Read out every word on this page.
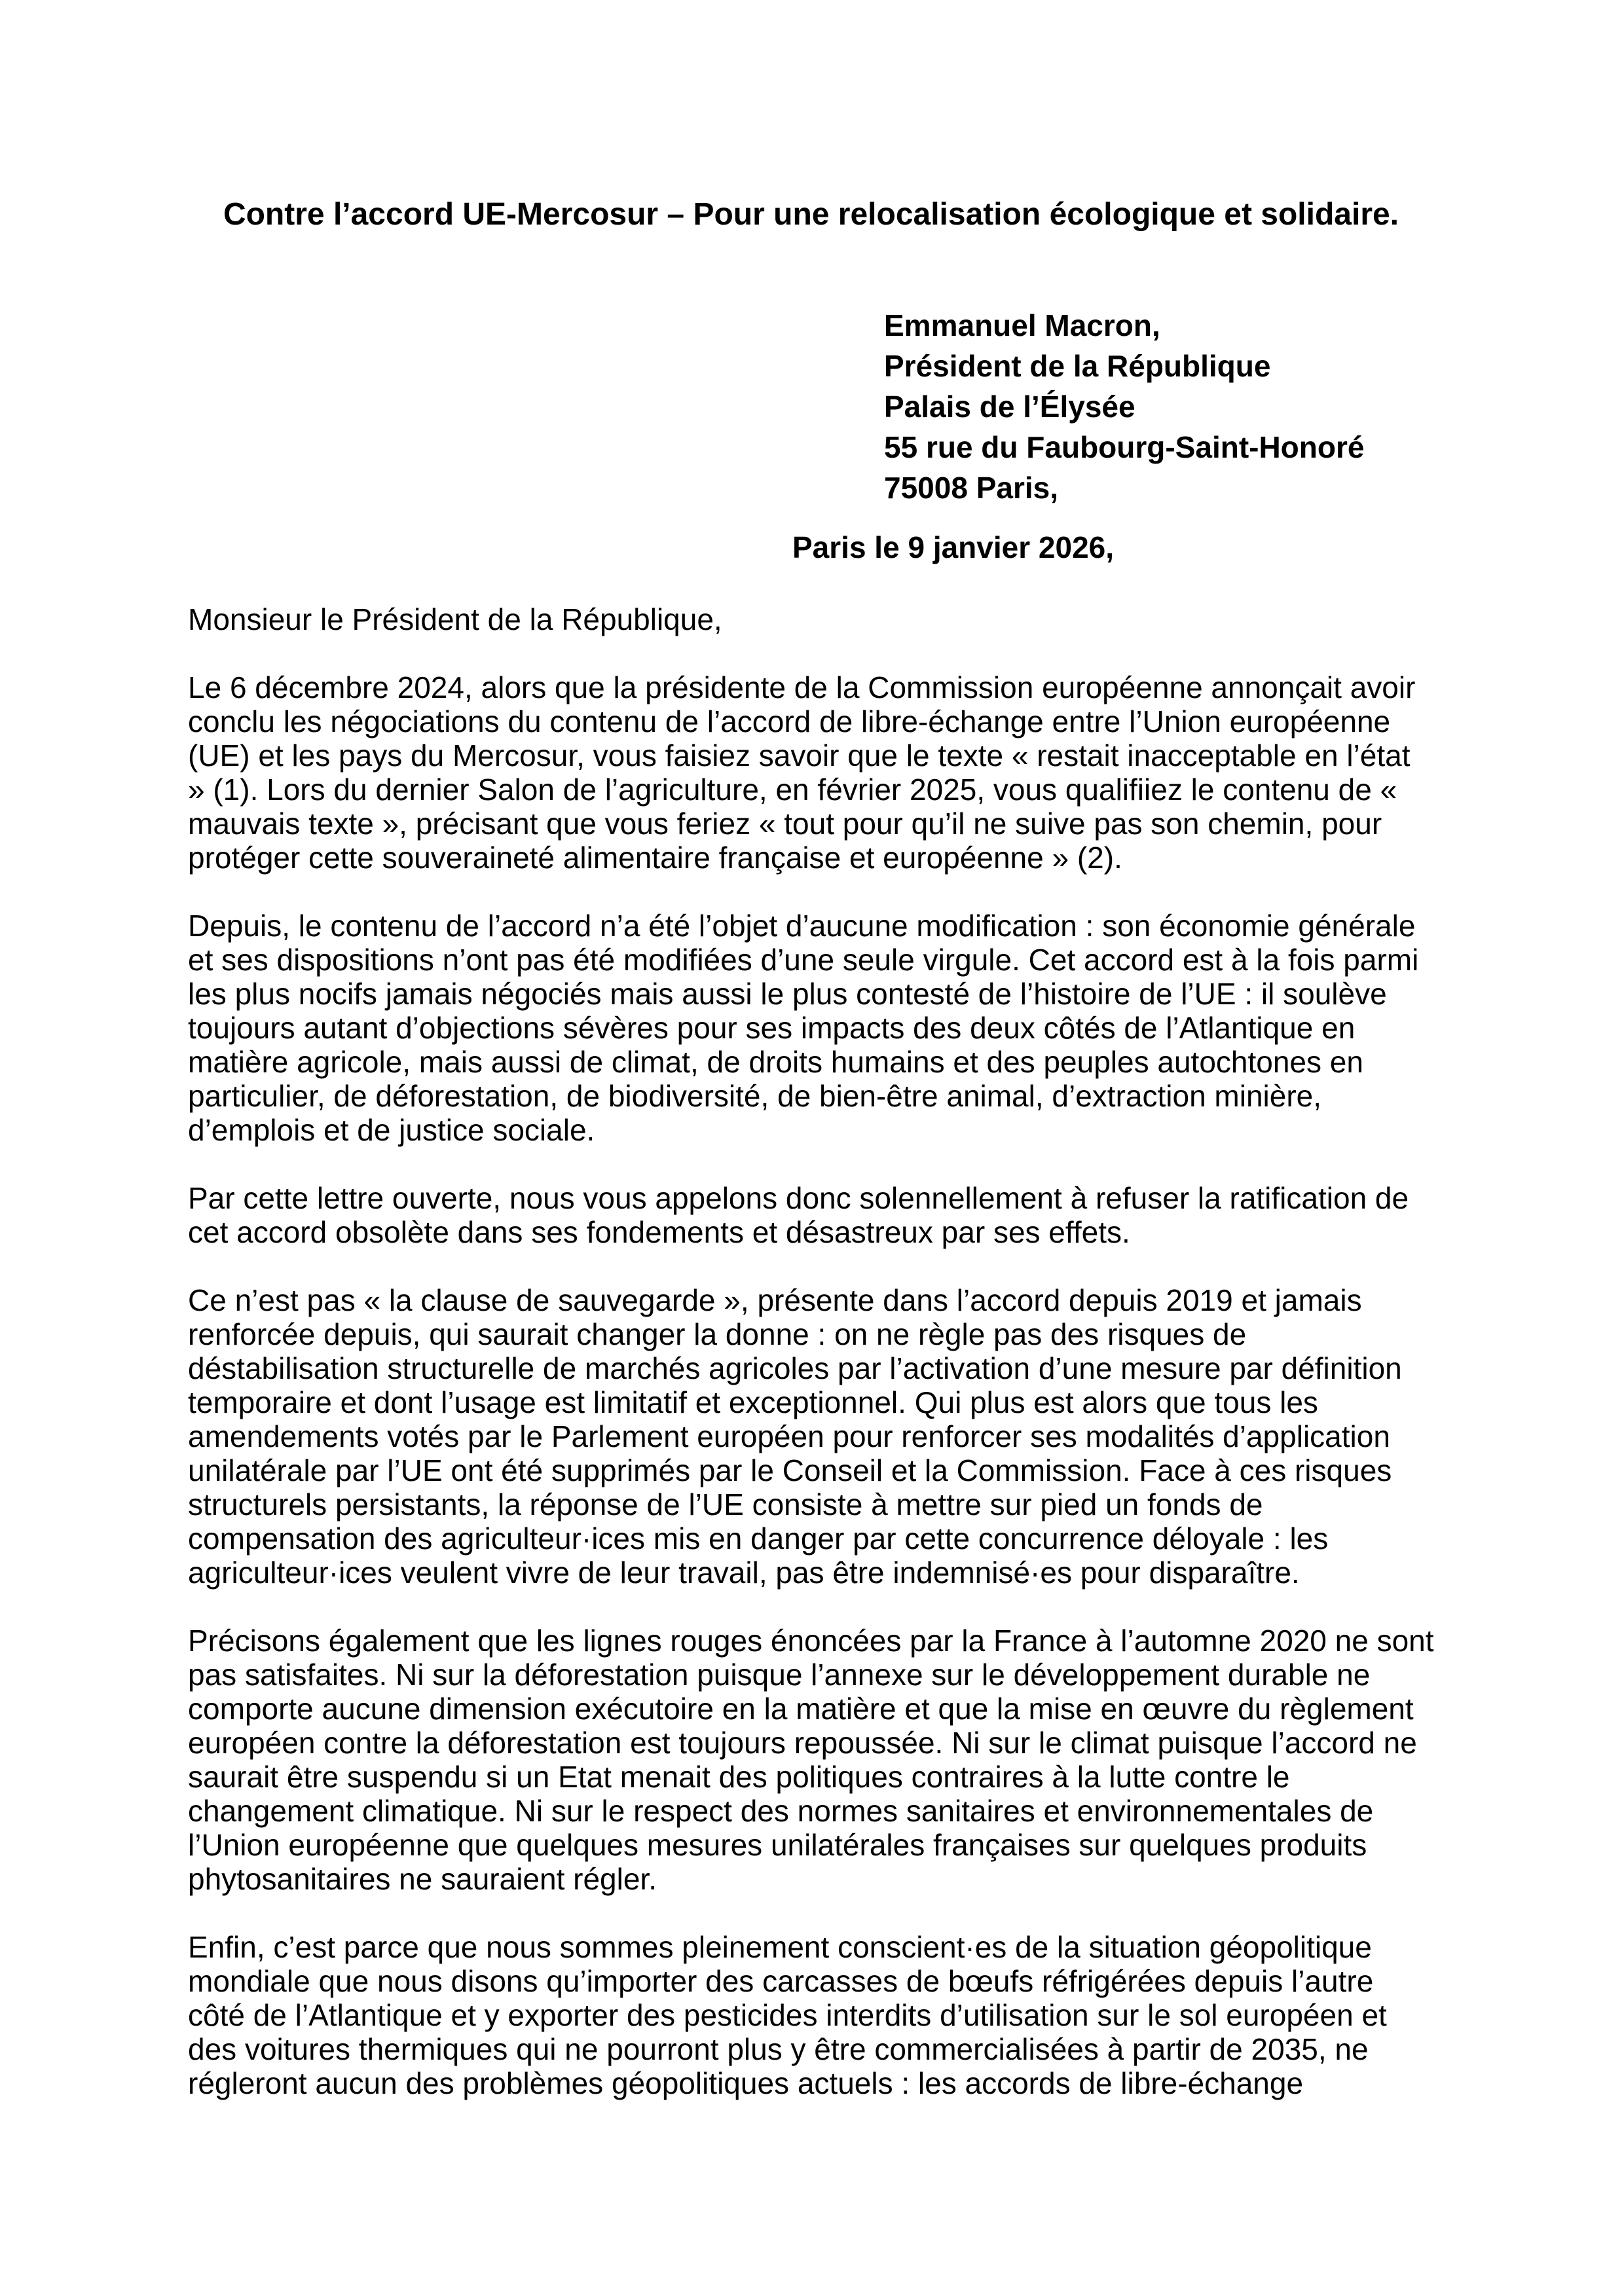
Contre l’accord UE-Mercosur – Pour une relocalisation écologique et solidaire.
Emmanuel Macron,
Président de la République
Palais de l’Élysée
55 rue du Faubourg-Saint-Honoré
75008 Paris,
Paris le 9 janvier 2026,
Monsieur le Président de la République,

Le 6 décembre 2024, alors que la présidente de la Commission européenne annonçait avoir conclu les négociations du contenu de l’accord de libre-échange entre l’Union européenne (UE) et les pays du Mercosur, vous faisiez savoir que le texte « restait inacceptable en l’état » (1). Lors du dernier Salon de l’agriculture, en février 2025, vous qualifiiez le contenu de « mauvais texte », précisant que vous feriez « tout pour qu’il ne suive pas son chemin, pour protéger cette souveraineté alimentaire française et européenne » (2).

Depuis, le contenu de l’accord n’a été l’objet d’aucune modification : son économie générale et ses dispositions n’ont pas été modifiées d’une seule virgule. Cet accord est à la fois parmi les plus nocifs jamais négociés mais aussi le plus contesté de l’histoire de l’UE : il soulève toujours autant d’objections sévères pour ses impacts des deux côtés de l’Atlantique en matière agricole, mais aussi de climat, de droits humains et des peuples autochtones en particulier, de déforestation, de biodiversité, de bien-être animal, d’extraction minière, d’emplois et de justice sociale.

Par cette lettre ouverte, nous vous appelons donc solennellement à refuser la ratification de cet accord obsolète dans ses fondements et désastreux par ses effets.

Ce n’est pas « la clause de sauvegarde », présente dans l’accord depuis 2019 et jamais renforcée depuis, qui saurait changer la donne : on ne règle pas des risques de déstabilisation structurelle de marchés agricoles par l’activation d’une mesure par définition temporaire et dont l’usage est limitatif et exceptionnel. Qui plus est alors que tous les amendements votés par le Parlement européen pour renforcer ses modalités d’application unilatérale par l’UE ont été supprimés par le Conseil et la Commission. Face à ces risques structurels persistants, la réponse de l’UE consiste à mettre sur pied un fonds de compensation des agriculteur·ices mis en danger par cette concurrence déloyale : les agriculteur·ices veulent vivre de leur travail, pas être indemnisé·es pour disparaître.

Précisons également que les lignes rouges énoncées par la France à l’automne 2020 ne sont pas satisfaites. Ni sur la déforestation puisque l’annexe sur le développement durable ne comporte aucune dimension exécutoire en la matière et que la mise en œuvre du règlement européen contre la déforestation est toujours repoussée. Ni sur le climat puisque l’accord ne saurait être suspendu si un Etat menait des politiques contraires à la lutte contre le changement climatique. Ni sur le respect des normes sanitaires et environnementales de l’Union européenne que quelques mesures unilatérales françaises sur quelques produits phytosanitaires ne sauraient régler.

Enfin, c’est parce que nous sommes pleinement conscient·es de la situation géopolitique mondiale que nous disons qu’importer des carcasses de bœufs réfrigérées depuis l’autre côté de l’Atlantique et y exporter des pesticides interdits d’utilisation sur le sol européen et des voitures thermiques qui ne pourront plus y être commercialisées à partir de 2035, ne régleront aucun des problèmes géopolitiques actuels : les accords de libre-échange
